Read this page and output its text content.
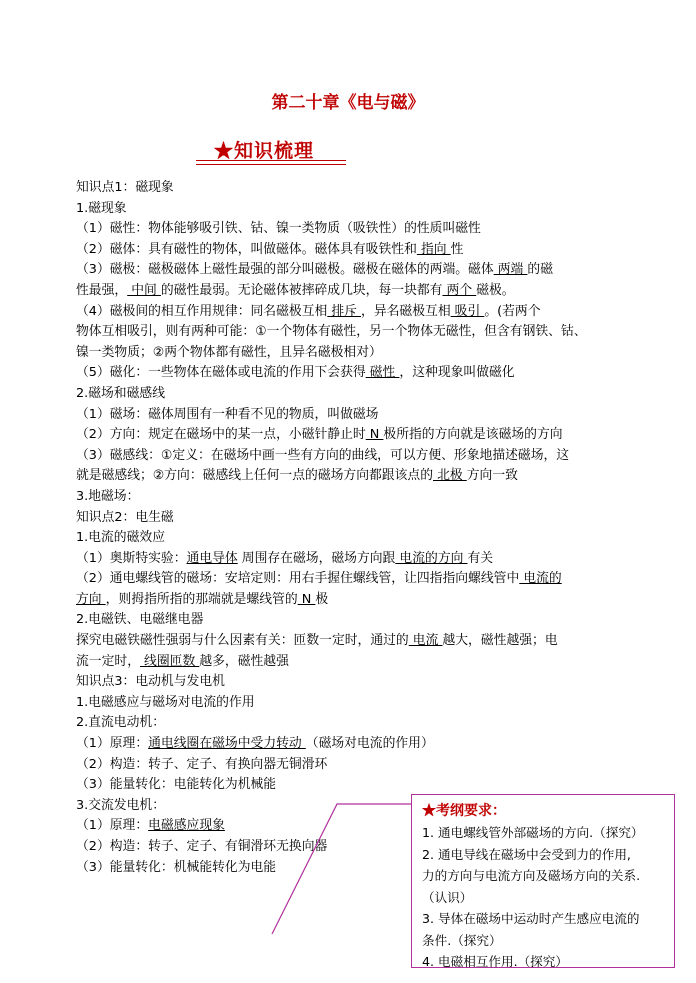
第二十章《电与磁》
★知识梳理
知识点1：磁现象
1.磁现象
（1）磁性：物体能够吸引铁、钴、镍一类物质（吸铁性）的性质叫磁性
（2）磁体：具有磁性的物体，叫做磁体。磁体具有吸铁性和 指向 性
（3）磁极：磁极磁体上磁性最强的部分叫磁极。磁极在磁体的两端。磁体 两端 的磁
性最强， 中间 的磁性最弱。无论磁体被摔碎成几块，每一块都有 两个 磁极。
（4）磁极间的相互作用规律：同名磁极互相 排斥 ，异名磁极互相 吸引 。(若两个
物体互相吸引，则有两种可能：①一个物体有磁性，另一个物体无磁性，但含有钢铁、钴、
镍一类物质；②两个物体都有磁性，且异名磁极相对）
（5）磁化：一些物体在磁体或电流的作用下会获得 磁性 ，这种现象叫做磁化
2.磁场和磁感线
（1）磁场：磁体周围有一种看不见的物质，叫做磁场
（2）方向：规定在磁场中的某一点，小磁针静止时 N 极所指的方向就是该磁场的方向
（3）磁感线：①定义：在磁场中画一些有方向的曲线，可以方便、形象地描述磁场，这
就是磁感线；②方向：磁感线上任何一点的磁场方向都跟该点的 北极 方向一致
3.地磁场：
知识点2：电生磁
1.电流的磁效应
（1）奥斯特实验：通电导体 周围存在磁场，磁场方向跟 电流的方向 有关
（2）通电螺线管的磁场：安培定则：用右手握住螺线管，让四指指向螺线管中 电流的
方向 ，则拇指所指的那端就是螺线管的 N 极
2.电磁铁、电磁继电器
探究电磁铁磁性强弱与什么因素有关：匝数一定时，通过的 电流 越大，磁性越强；电
流一定时， 线圈匝数 越多，磁性越强
知识点3：电动机与发电机
1.电磁感应与磁场对电流的作用
2.直流电动机：
（1）原理：通电线圈在磁场中受力转动 （磁场对电流的作用）
（2）构造：转子、定子、有换向器无铜滑环
（3）能量转化：电能转化为机械能
3.交流发电机：
（1）原理：电磁感应现象
（2）构造：转子、定子、有铜滑环无换向器
（3）能量转化：机械能转化为电能
★考纲要求：
1. 通电螺线管外部磁场的方向.（探究）
2. 通电导线在磁场中会受到力的作用,
力的方向与电流方向及磁场方向的关系.
（认识）
3. 导体在磁场中运动时产生感应电流的
条件.（探究）
4. 电磁相互作用.（探究）
